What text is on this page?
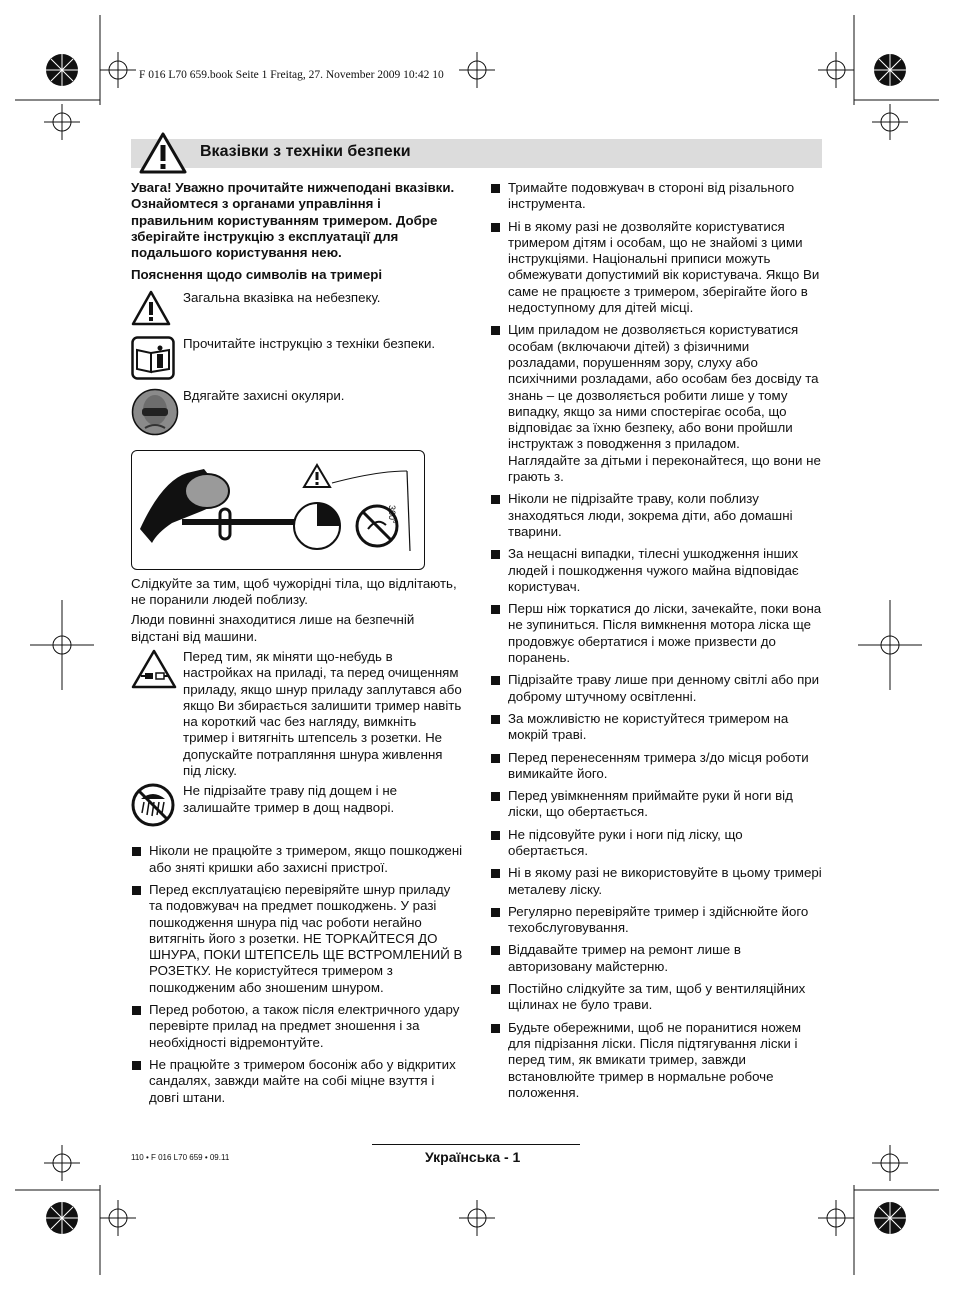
F 016 L70 659.book Seite 1 Freitag, 27. November 2009 10:42 10
Вказівки з техніки безпеки

Увага! Уважно прочитайте нижчеподані вказівки. Ознайомтеся з органами управління і правильним користуванням тримером. Добре зберігайте інструкцію з експлуатації для подальшого користування нею.

Пояснення щодо символів на тримері

Загальна вказівка на небезпеку.
Прочитайте інструкцію з техніки безпеки.
Вдягайте захисні окуляри.
360°

Слідкуйте за тим, щоб чужорідні тіла, що відлітають, не поранили людей поблизу.

Люди повинні знаходитися лише на безпечній відстані від машини.

Перед тим, як міняти що-небудь в настройках на приладі, та перед очищенням приладу, якщо шнур приладу заплутався або якщо Ви збирається залишити тример навіть на короткий час без нагляду, вимкніть тример і витягніть штепсель з розетки. Не допускайте потрапляння шнура живлення під ліску.
Не підрізайте траву під дощем і не залишайте тример в дощ надворі.

Ніколи не працюйте з тримером, якщо пошкоджені або зняті кришки або захисні пристрої.

Перед експлуатацією перевіряйте шнур приладу та подовжувач на предмет пошкоджень. У разі пошкодження шнура під час роботи негайно витягніть його з розетки. НЕ ТОРКАЙТЕСЯ ДО ШНУРА, ПОКИ ШТЕПСЕЛЬ ЩЕ ВСТРОМЛЕНИЙ В РОЗЕТКУ. Не користуйтеся тримером з пошкодженим або зношеним шнуром.

Перед роботою, а також після електричного удару перевірте прилад на предмет зношення і за необхідності відремонтуйте.

Не працюйте з тримером босоніж або у відкритих сандалях, завжди майте на собі міцне взуття і довгі штани.

Тримайте подовжувач в стороні від різального інструмента.

Ні в якому разі не дозволяйте користуватися тримером дітям і особам, що не знайомі з цими інструкціями. Національні приписи можуть обмежувати допустимий вік користувача. Якщо Ви саме не працюєте з тримером, зберігайте його в недоступному для дітей місці.

Цим приладом не дозволяється користуватися особам (включаючи дітей) з фізичними розладами, порушенням зору, слуху або психічними розладами, або особам без досвіду та знань – це дозволяється робити лише у тому випадку, якщо за ними спостерігає особа, що відповідає за їхню безпеку, або вони пройшли інструктаж з поводження з приладом.

Наглядайте за дітьми і переконайтеся, що вони не грають з.

Ніколи не підрізайте траву, коли поблизу знаходяться люди, зокрема діти, або домашні тварини.

За нещасні випадки, тілесні ушкодження інших людей і пошкодження чужого майна відповідає користувач.

Перш ніж торкатися до ліски, зачекайте, поки вона не зупиниться. Після вимкнення мотора ліска ще продовжує обертатися і може призвести до поранень.

Підрізайте траву лише при денному світлі або при доброму штучному освітленні.

За можливістю не користуйтеся тримером на мокрій траві.

Перед перенесенням тримера з/до місця роботи вимикайте його.

Перед увімкненням приймайте руки й ноги від ліски, що обертається.

Не підсовуйте руки і ноги під ліску, що обертається.

Ні в якому разі не використовуйте в цьому тримері металеву ліску.

Регулярно перевіряйте тример і здійснюйте його техобслуговування.

Віддавайте тример на ремонт лише в авторизовану майстерню.

Постійно слідкуйте за тим, щоб у вентиляційних щілинах не було трави.

Будьте обережними, щоб не поранитися ножем для підрізання ліски. Після підтягування ліски і перед тим, як вмикати тример, завжди встановлюйте тример в нормальне робоче положення.

110 • F 016 L70 659 • 09.11	Українська - 1
